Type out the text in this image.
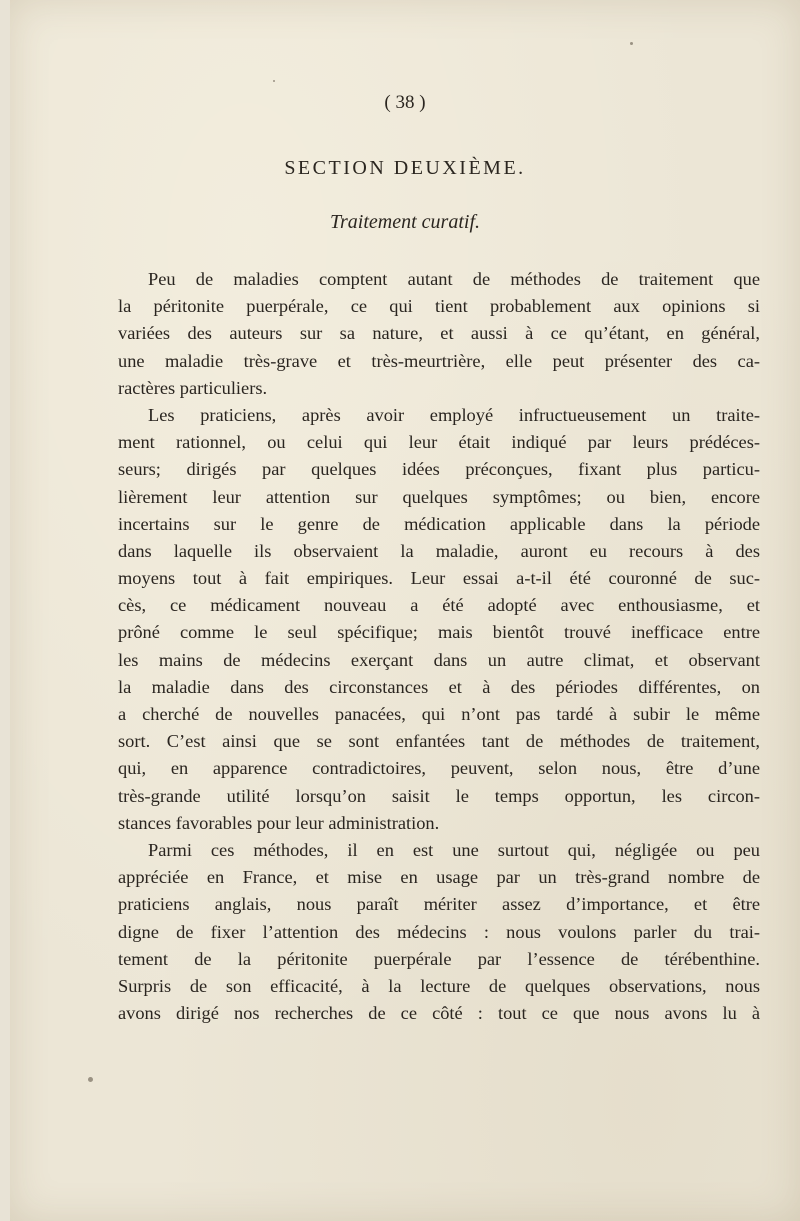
( 38 )
SECTION DEUXIÈME.
Traitement curatif.
Peu de maladies comptent autant de méthodes de traitement que
la péritonite puerpérale, ce qui tient probablement aux opinions si
variées des auteurs sur sa nature, et aussi à ce qu’étant, en général,
une maladie très-grave et très-meurtrière, elle peut présenter des ca-
ractères particuliers.
Les praticiens, après avoir employé infructueusement un traite-
ment rationnel, ou celui qui leur était indiqué par leurs prédéces-
seurs; dirigés par quelques idées préconçues, fixant plus particu-
lièrement leur attention sur quelques symptômes; ou bien, encore
incertains sur le genre de médication applicable dans la période
dans laquelle ils observaient la maladie, auront eu recours à des
moyens tout à fait empiriques. Leur essai a-t-il été couronné de suc-
cès, ce médicament nouveau a été adopté avec enthousiasme, et
prôné comme le seul spécifique; mais bientôt trouvé inefficace entre
les mains de médecins exerçant dans un autre climat, et observant
la maladie dans des circonstances et à des périodes différentes, on
a cherché de nouvelles panacées, qui n’ont pas tardé à subir le même
sort. C’est ainsi que se sont enfantées tant de méthodes de traitement,
qui, en apparence contradictoires, peuvent, selon nous, être d’une
très-grande utilité lorsqu’on saisit le temps opportun, les circon-
stances favorables pour leur administration.
Parmi ces méthodes, il en est une surtout qui, négligée ou peu
appréciée en France, et mise en usage par un très-grand nombre de
praticiens anglais, nous paraît mériter assez d’importance, et être
digne de fixer l’attention des médecins : nous voulons parler du trai-
tement de la péritonite puerpérale par l’essence de térébenthine.
Surpris de son efficacité, à la lecture de quelques observations, nous
avons dirigé nos recherches de ce côté : tout ce que nous avons lu à
